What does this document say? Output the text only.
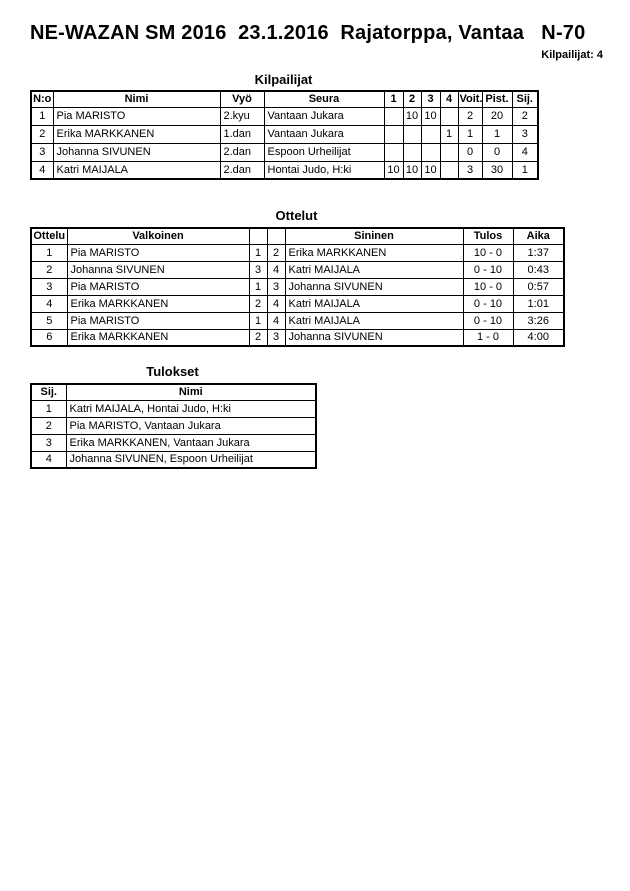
NE-WAZAN SM 2016  23.1.2016  Rajatorppa, Vantaa   N-70
Kilpailijat: 4
Kilpailijat
N:o	Nimi	Vyö	Seura	1	2	3	4	Voit.	Pist.	Sij.
1	Pia MARISTO	2.kyu	Vantaan Jukara		10	10		2	20	2
2	Erika MARKKANEN	1.dan	Vantaan Jukara				1	1	1	3
3	Johanna SIVUNEN	2.dan	Espoon Urheilijat					0	0	4
4	Katri MAIJALA	2.dan	Hontai Judo, H:ki	10	10	10		3	30	1
Ottelut
Ottelu	Valkoinen			Sininen	Tulos	Aika
1	Pia MARISTO	1	2	Erika MARKKANEN	10 - 0	1:37
2	Johanna SIVUNEN	3	4	Katri MAIJALA	0 - 10	0:43
3	Pia MARISTO	1	3	Johanna SIVUNEN	10 - 0	0:57
4	Erika MARKKANEN	2	4	Katri MAIJALA	0 - 10	1:01
5	Pia MARISTO	1	4	Katri MAIJALA	0 - 10	3:26
6	Erika MARKKANEN	2	3	Johanna SIVUNEN	1 - 0	4:00
Tulokset
Sij.	Nimi
1	Katri MAIJALA, Hontai Judo, H:ki
2	Pia MARISTO, Vantaan Jukara
3	Erika MARKKANEN, Vantaan Jukara
4	Johanna SIVUNEN, Espoon Urheilijat
